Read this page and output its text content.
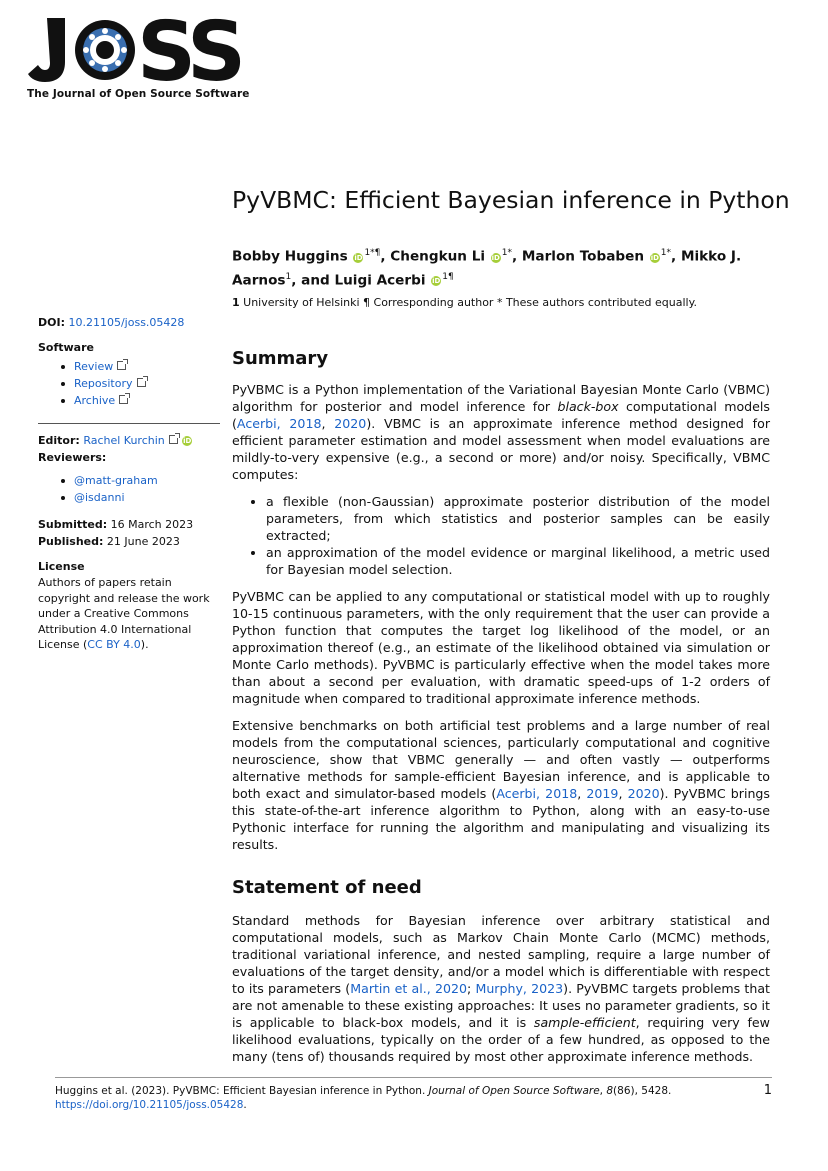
S
S
The Journal of Open Source Software
PyVBMC: Efficient Bayesian inference in Python
Bobby Huggins iD $^{1*\P}$, Chengkun Li iD $^{1*}$, Marlon Tobaben iD $^{1*}$, Mikko J. Aarnos$^1$, and Luigi Acerbi iD $^{1\P}$
1 University of Helsinki ¶ Corresponding author * These authors contributed equally.
DOI: 10.21105/joss.05428
Software
Review
Repository
Archive
Editor: Rachel Kurchin	iD
Reviewers:
@matt-graham
@isdanni
Submitted: 16 March 2023
Published: 21 June 2023
License
Authors of papers retain copyright and release the work under a Creative Commons Attribution 4.0 International License (CC BY 4.0).
Summary

PyVBMC is a Python implementation of the Variational Bayesian Monte Carlo (VBMC) algorithm for posterior and model inference for black-box computational models (Acerbi, 2018, 2020). VBMC is an approximate inference method designed for efficient parameter estimation and model assessment when model evaluations are mildly-to-very expensive (e.g., a second or more) and/or noisy. Specifically, VBMC computes:

• a flexible (non-Gaussian) approximate posterior distribution of the model parameters, from which statistics and posterior samples can be easily extracted;
• an approximation of the model evidence or marginal likelihood, a metric used for Bayesian model selection.

PyVBMC can be applied to any computational or statistical model with up to roughly 10-15 continuous parameters, with the only requirement that the user can provide a Python function that computes the target log likelihood of the model, or an approximation thereof (e.g., an estimate of the likelihood obtained via simulation or Monte Carlo methods). PyVBMC is particularly effective when the model takes more than about a second per evaluation, with dramatic speed-ups of 1-2 orders of magnitude when compared to traditional approximate inference methods.

Extensive benchmarks on both artificial test problems and a large number of real models from the computational sciences, particularly computational and cognitive neuroscience, show that VBMC generally — and often vastly — outperforms alternative methods for sample-efficient Bayesian inference, and is applicable to both exact and simulator-based models (Acerbi, 2018, 2019, 2020). PyVBMC brings this state-of-the-art inference algorithm to Python, along with an easy-to-use Pythonic interface for running the algorithm and manipulating and visualizing its results.

Statement of need

Standard methods for Bayesian inference over arbitrary statistical and computational models, such as Markov Chain Monte Carlo (MCMC) methods, traditional variational inference, and nested sampling, require a large number of evaluations of the target density, and/or a model which is differentiable with respect to its parameters (Martin et al., 2020; Murphy, 2023). PyVBMC targets problems that are not amenable to these existing approaches: It uses no parameter gradients, so it is applicable to black-box models, and it is sample-efficient, requiring very few likelihood evaluations, typically on the order of a few hundred, as opposed to the many (tens of) thousands required by most other approximate inference methods.

Huggins et al. (2023). PyVBMC: Efficient Bayesian inference in Python. Journal of Open Source Software, 8(86), 5428. https://doi.org/10.21105/joss.05428.
1
